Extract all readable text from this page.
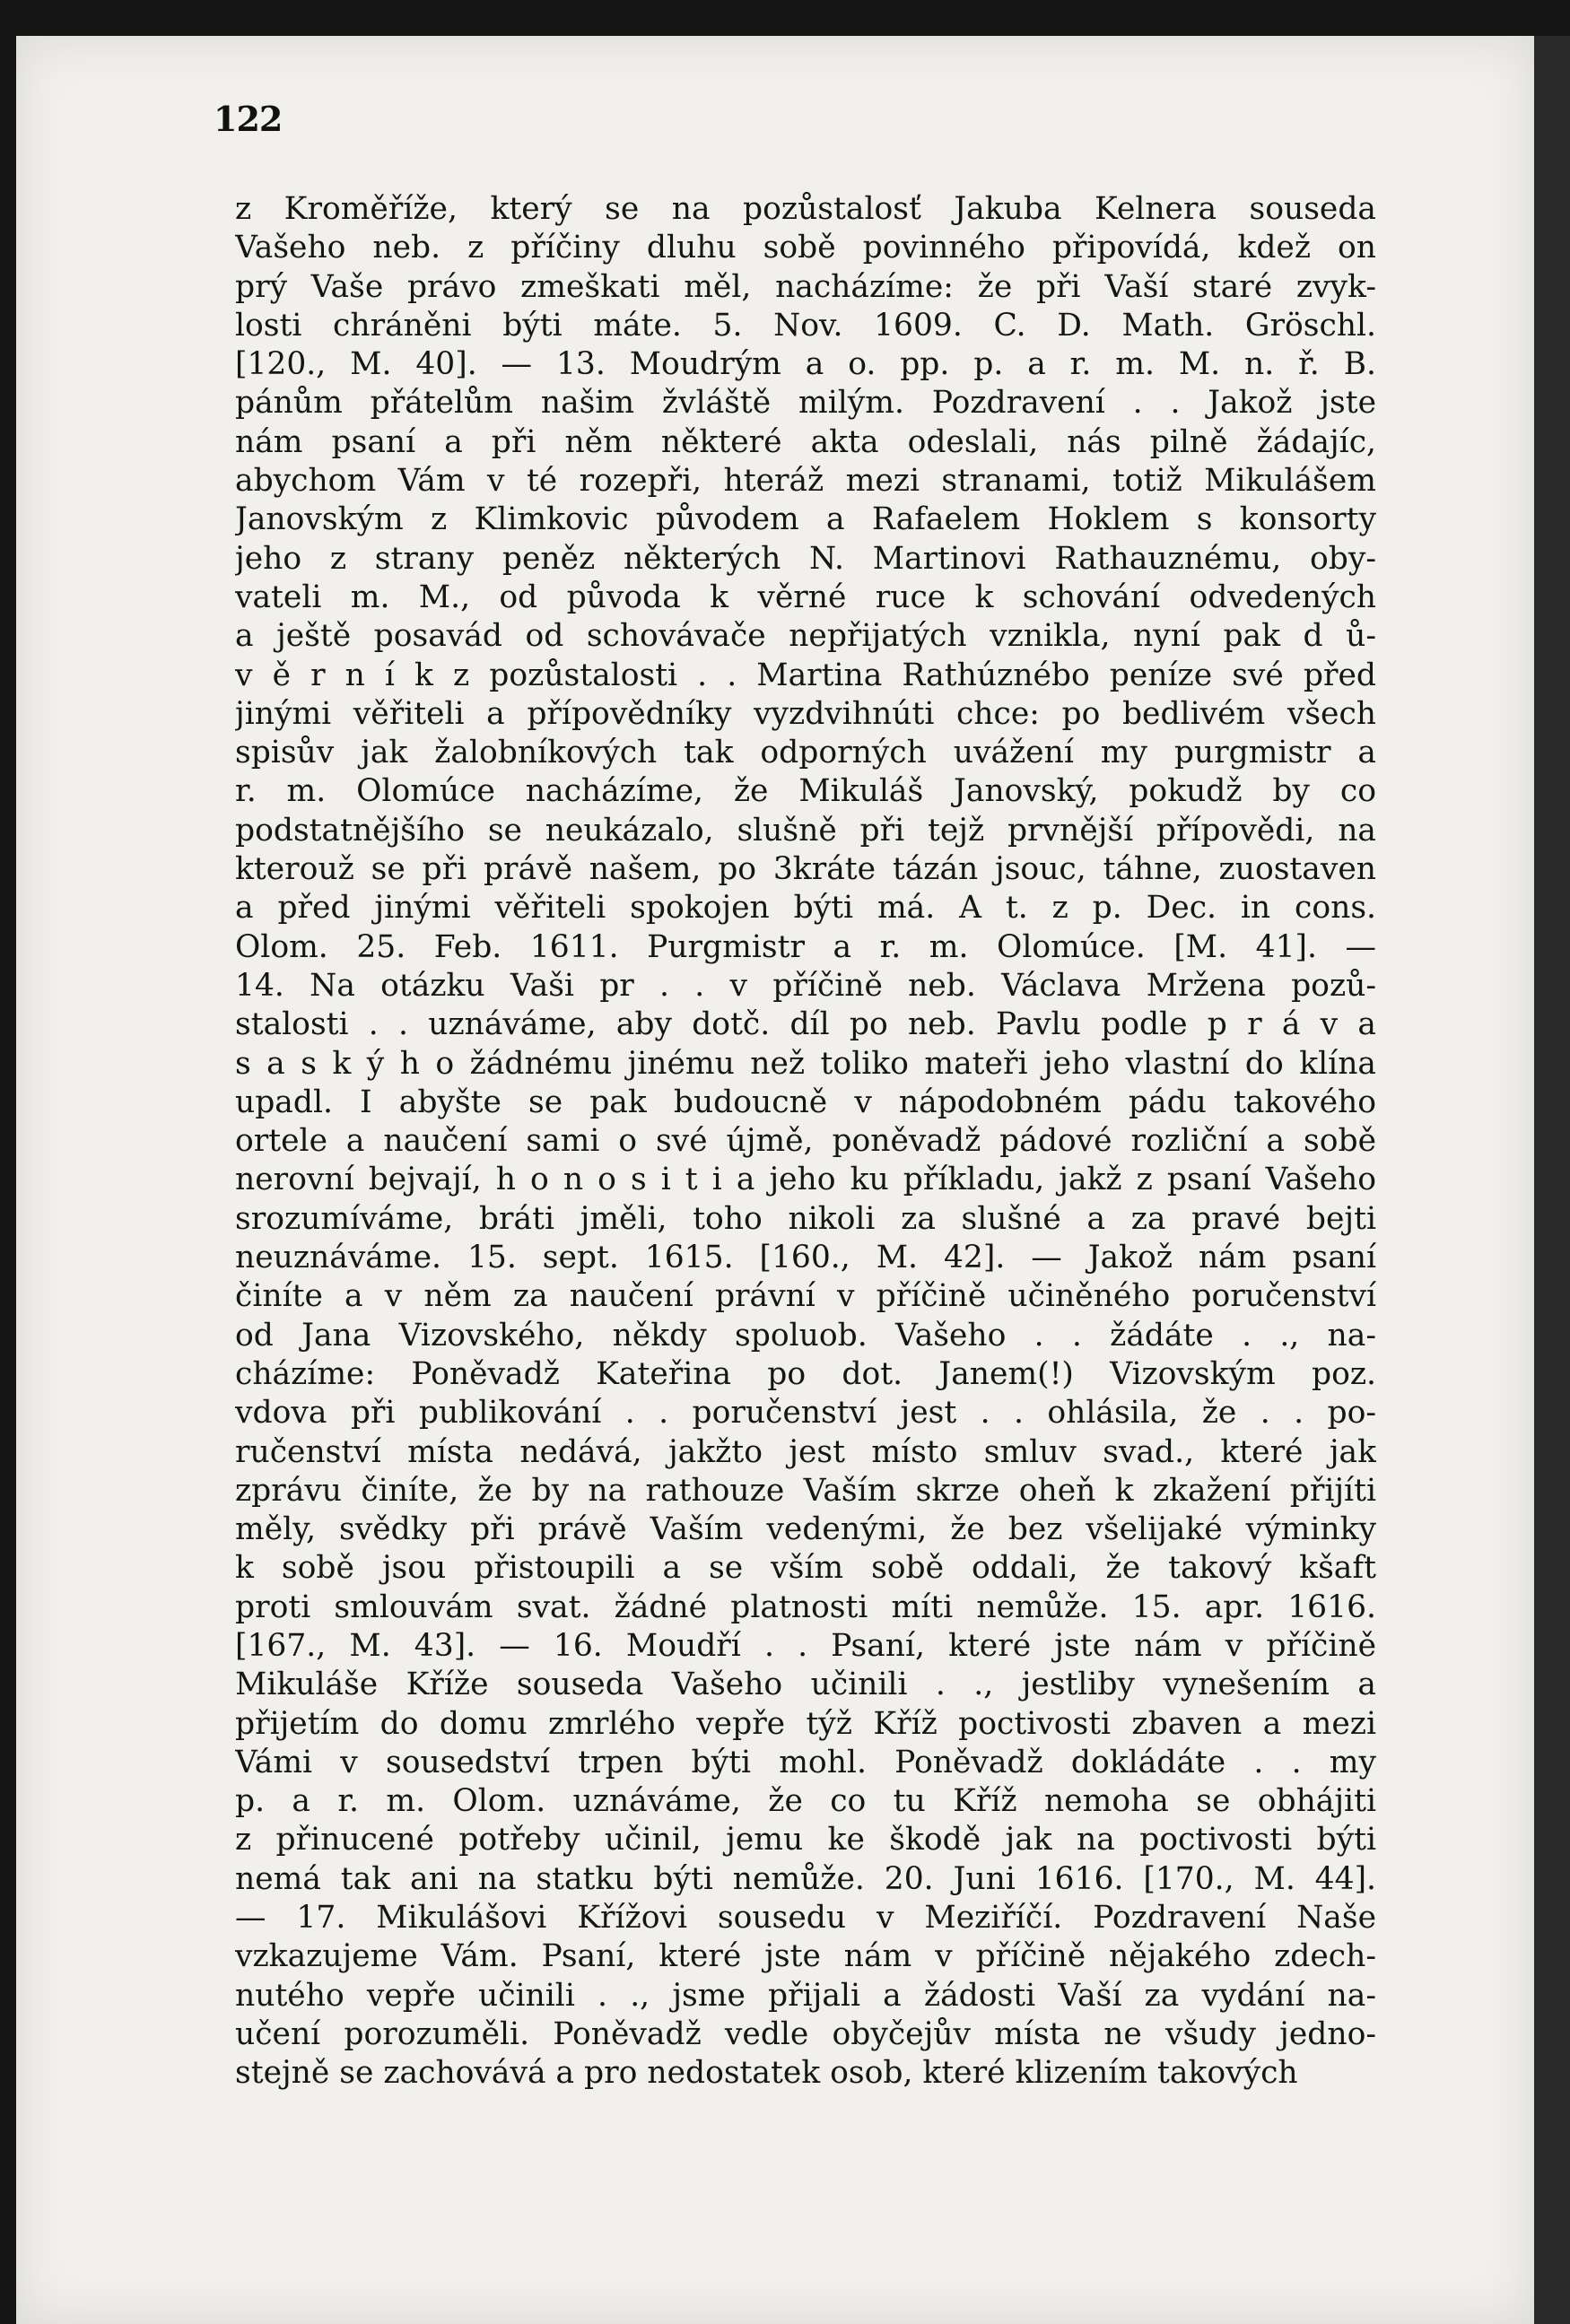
122
z Kroměříže, který se na pozůstalosť Jakuba Kelnera souseda
Vašeho neb. z příčiny dluhu sobě povinného připovídá, kdež on
prý Vaše právo zmeškati měl, nacházíme: že při Vaší staré zvyk-
losti chráněni býti máte. 5. Nov. 1609. C. D. Math. Gröschl.
[120., M. 40]. — 13. Moudrým a o. pp. p. a r. m. M. n. ř. B.
pánům přátelům našim žvláště milým. Pozdravení . . Jakož jste
nám psaní a při něm některé akta odeslali, nás pilně žádajíc,
abychom Vám v té rozepři, hteráž mezi stranami, totiž Mikulášem
Janovským z Klimkovic původem a Rafaelem Hoklem s konsorty
jeho z strany peněz některých N. Martinovi Rathauznému, oby-
vateli m. M., od původa k věrné ruce k schování odvedených
a ještě posavád od schovávače nepřijatých vznikla, nyní pak d ů-
v ě r n í k z pozůstalosti . . Martina Rathúznébo peníze své před
jinými věřiteli a přípovědníky vyzdvihnúti chce: po bedlivém všech
spisův jak žalobníkových tak odporných uvážení my purgmistr a
r. m. Olomúce nacházíme, že Mikuláš Janovský, pokudž by co
podstatnějšího se neukázalo, slušně při tejž prvnější přípovědi, na
kterouž se při právě našem, po 3kráte tázán jsouc, táhne, zuostaven
a před jinými věřiteli spokojen býti má. A t. z p. Dec. in cons.
Olom. 25. Feb. 1611. Purgmistr a r. m. Olomúce. [M. 41]. —
14. Na otázku Vaši pr . . v příčině neb. Václava Mržena pozů-
stalosti . . uznáváme, aby dotč. díl po neb. Pavlu podle p r á v a
s a s k ý h o žádnému jinému než toliko mateři jeho vlastní do klína
upadl. I abyšte se pak budoucně v nápodobném pádu takového
ortele a naučení sami o své újmě, poněvadž pádové rozliční a sobě
nerovní bejvají, h o n o s i t i a jeho ku příkladu, jakž z psaní Vašeho
srozumíváme, bráti jměli, toho nikoli za slušné a za pravé bejti
neuznáváme. 15. sept. 1615. [160., M. 42]. — Jakož nám psaní
činíte a v něm za naučení právní v příčině učiněného poručenství
od Jana Vizovského, někdy spoluob. Vašeho . . žádáte . ., na-
cházíme: Poněvadž Kateřina po dot. Janem(!) Vizovským poz.
vdova při publikování . . poručenství jest . . ohlásila, že . . po-
ručenství místa nedává, jakžto jest místo smluv svad., které jak
zprávu činíte, že by na rathouze Vaším skrze oheň k zkažení přijíti
měly, svědky při právě Vaším vedenými, že bez všelijaké výminky
k sobě jsou přistoupili a se vším sobě oddali, že takový kšaft
proti smlouvám svat. žádné platnosti míti nemůže. 15. apr. 1616.
[167., M. 43]. — 16. Moudří . . Psaní, které jste nám v příčině
Mikuláše Kříže souseda Vašeho učinili . ., jestliby vynešením a
přijetím do domu zmrlého vepře týž Kříž poctivosti zbaven a mezi
Vámi v sousedství trpen býti mohl. Poněvadž dokládáte . . my
p. a r. m. Olom. uznáváme, že co tu Kříž nemoha se obhájiti
z přinucené potřeby učinil, jemu ke škodě jak na poctivosti býti
nemá tak ani na statku býti nemůže. 20. Juni 1616. [170., M. 44].
— 17. Mikulášovi Křížovi sousedu v Meziříčí. Pozdravení Naše
vzkazujeme Vám. Psaní, které jste nám v příčině nějakého zdech-
nutého vepře učinili . ., jsme přijali a žádosti Vaší za vydání na-
učení porozuměli. Poněvadž vedle obyčejův místa ne všudy jedno-
stejně se zachovává a pro nedostatek osob, které klizením takových
